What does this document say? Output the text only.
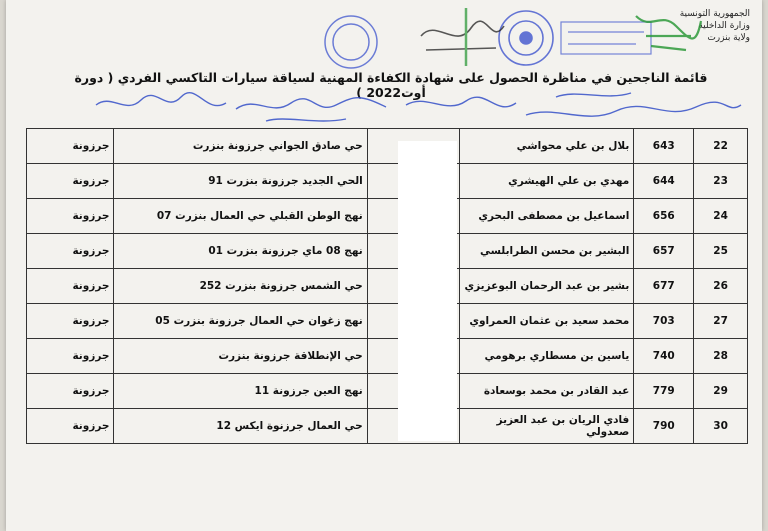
الجمهورية التونسية
وزارة الداخلية
ولاية بنزرت
قائمة الناجحين في مناظرة الحصول على شهادة الكفاءة المهنية لسياقة سيارات التاكسي الفردي ( دورة أوت2022 )
22	643	بلال بن علي محواشي		حي صادق الجواني جرزونة بنزرت	جرزونة
23	644	مهدي بن علي الهيشري		الحي الجديد جرزونة بنزرت 91	جرزونة
24	656	اسماعيل بن مصطفى البحري		نهج الوطن القبلي حي العمال بنزرت 07	جرزونة
25	657	البشير بن محسن الطرابلسي		نهج 08 ماي جرزونة بنزرت 01	جرزونة
26	677	بشير بن عبد الرحمان البوعزيزي		حي الشمس جرزونة بنزرت 252	جرزونة
27	703	محمد سعيد بن عثمان العمراوي		نهج زغوان حي العمال جرزونة بنزرت 05	جرزونة
28	740	ياسين بن مسطاري برهومي		حي الإنطلاقة جرزونة بنزرت	جرزونة
29	779	عبد القادر بن محمد بوسعادة		نهج العين جرزونة 11	جرزونة
30	790	فادي الريان بن عبد العزيز صعدولي		حي العمال جرزنوة ايكس 12	جرزونة
